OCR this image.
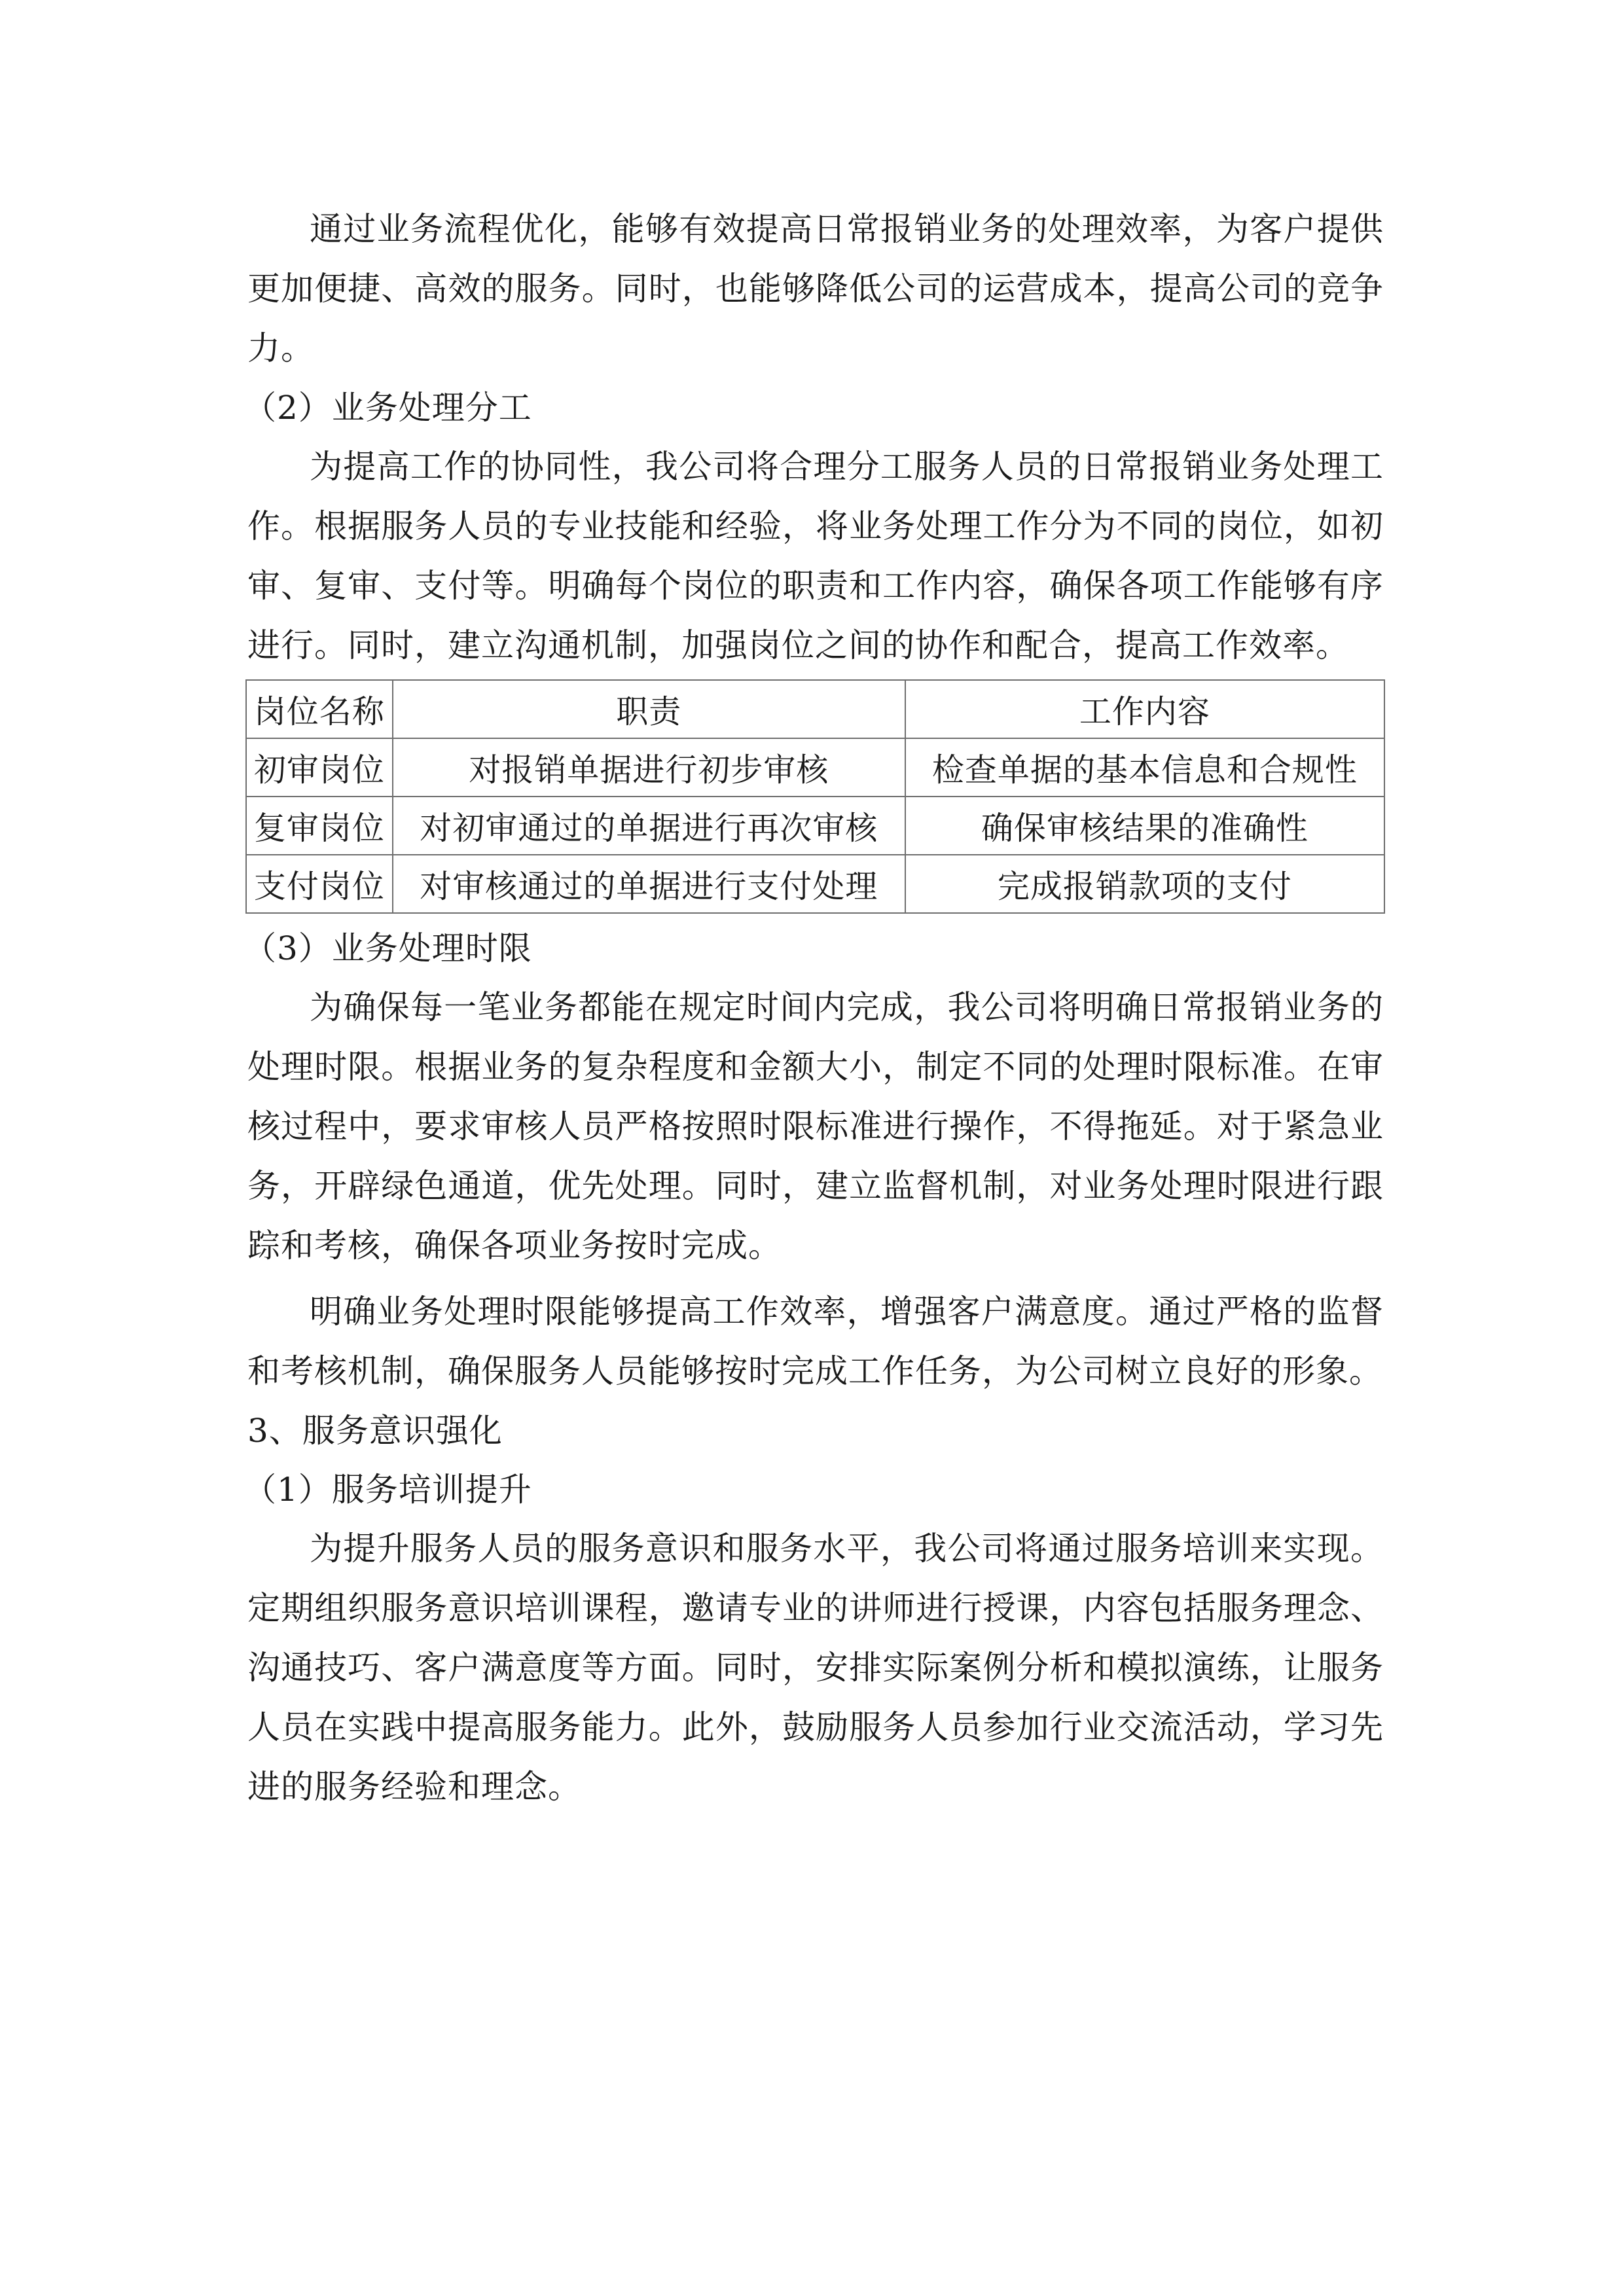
通过业务流程优化，能够有效提高日常报销业务的处理效率，为客户提供更加便捷、高效的服务。同时，也能够降低公司的运营成本，提高公司的竞争力。

（2）业务处理分工

为提高工作的协同性，我公司将合理分工服务人员的日常报销业务处理工作。根据服务人员的专业技能和经验，将业务处理工作分为不同的岗位，如初审、复审、支付等。明确每个岗位的职责和工作内容，确保各项工作能够有序进行。同时，建立沟通机制，加强岗位之间的协作和配合，提高工作效率。

岗位名称	职责	工作内容
初审岗位	对报销单据进行初步审核	检查单据的基本信息和合规性
复审岗位	对初审通过的单据进行再次审核	确保审核结果的准确性
支付岗位	对审核通过的单据进行支付处理	完成报销款项的支付

（3）业务处理时限

为确保每一笔业务都能在规定时间内完成，我公司将明确日常报销业务的处理时限。根据业务的复杂程度和金额大小，制定不同的处理时限标准。在审核过程中，要求审核人员严格按照时限标准进行操作，不得拖延。对于紧急业务，开辟绿色通道，优先处理。同时，建立监督机制，对业务处理时限进行跟踪和考核，确保各项业务按时完成。

明确业务处理时限能够提高工作效率，增强客户满意度。通过严格的监督和考核机制，确保服务人员能够按时完成工作任务，为公司树立良好的形象。

3、服务意识强化

（1）服务培训提升

为提升服务人员的服务意识和服务水平，我公司将通过服务培训来实现。定期组织服务意识培训课程，邀请专业的讲师进行授课，内容包括服务理念、沟通技巧、客户满意度等方面。同时，安排实际案例分析和模拟演练，让服务人员在实践中提高服务能力。此外，鼓励服务人员参加行业交流活动，学习先进的服务经验和理念。
